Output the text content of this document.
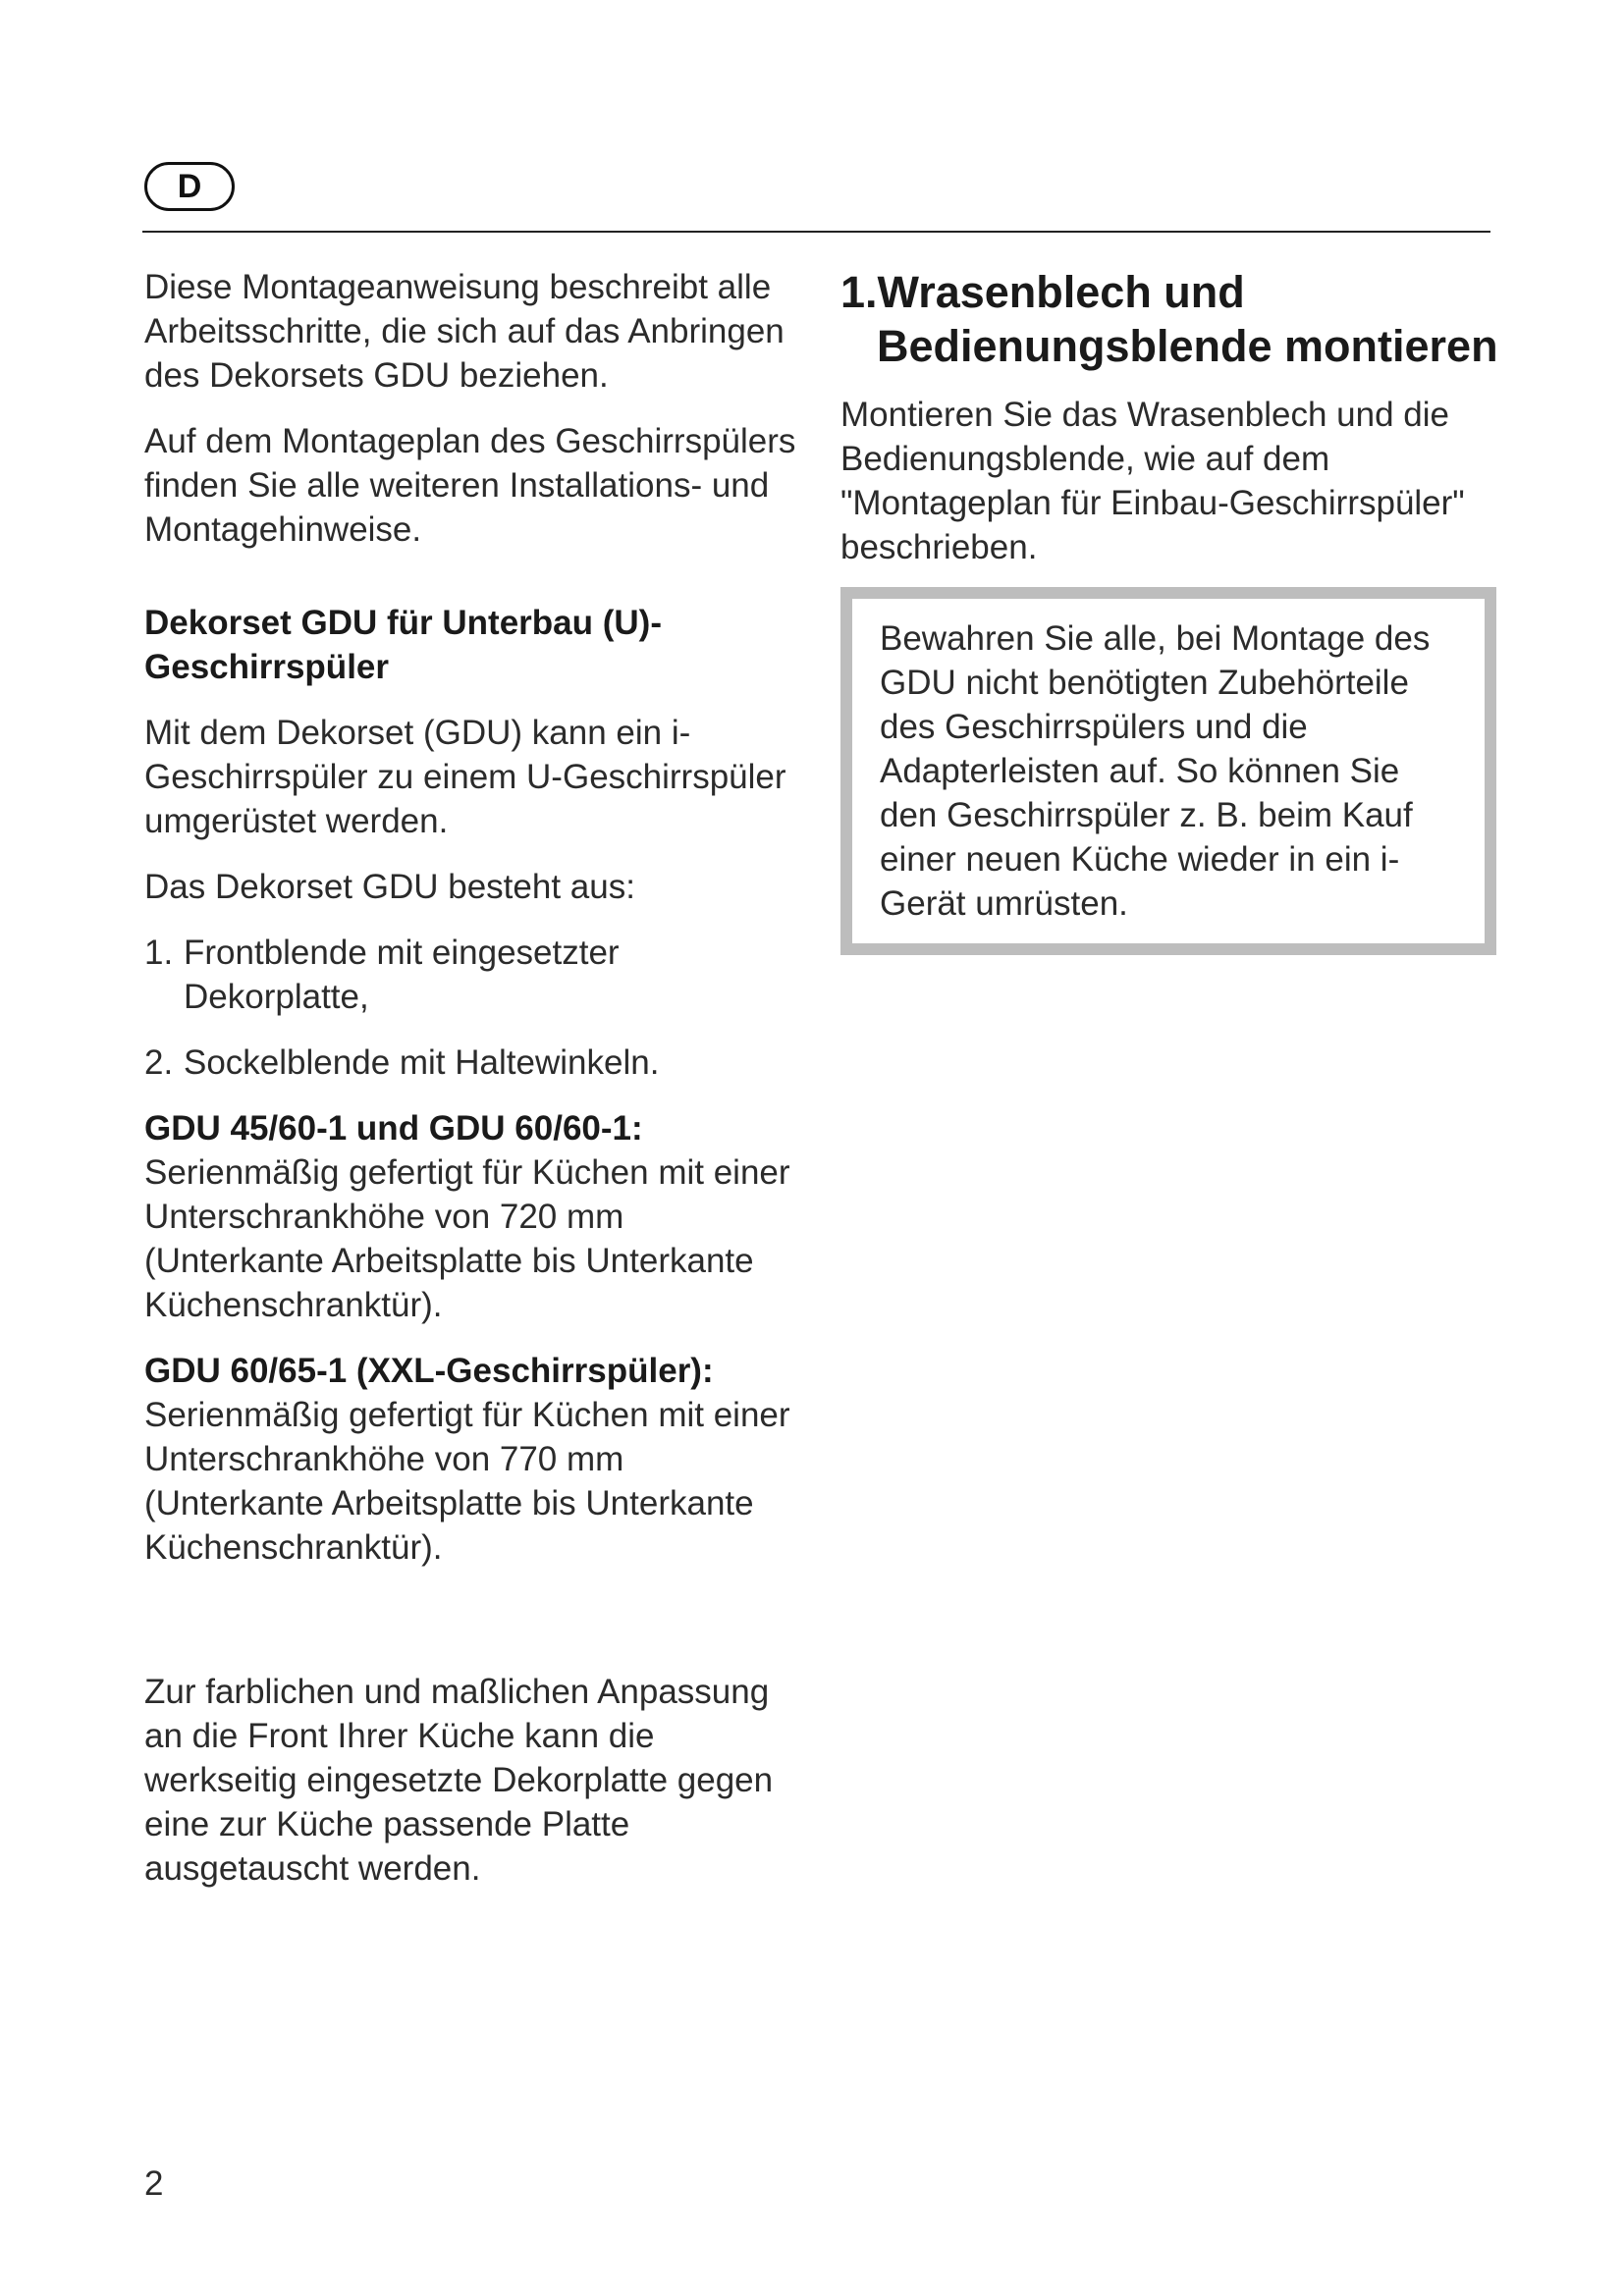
D

Diese Montageanweisung beschreibt alle Arbeitsschritte, die sich auf das Anbringen des Dekorsets GDU beziehen.

Auf dem Montageplan des Geschirrspülers finden Sie alle weiteren Installations- und Montagehinweise.

Dekorset GDU für Unterbau (U)-Geschirrspüler

Mit dem Dekorset (GDU) kann ein i-Geschirrspüler zu einem U-Geschirrspüler umgerüstet werden.

Das Dekorset GDU besteht aus:

1. Frontblende mit eingesetzter Dekorplatte,
2. Sockelblende mit Haltewinkeln.

GDU 45/60-1 und GDU 60/60-1:
Serienmäßig gefertigt für Küchen mit einer Unterschrankhöhe von 720 mm (Unterkante Arbeitsplatte bis Unterkante Küchenschranktür).

GDU 60/65-1 (XXL-Geschirrspüler):
Serienmäßig gefertigt für Küchen mit einer Unterschrankhöhe von 770 mm (Unterkante Arbeitsplatte bis Unterkante Küchenschranktür).

Zur farblichen und maßlichen Anpassung an die Front Ihrer Küche kann die werkseitig eingesetzte Dekorplatte gegen eine zur Küche passende Platte ausgetauscht werden.

1.Wrasenblech und Bedienungsblende montieren

Montieren Sie das Wrasenblech und die Bedienungsblende, wie auf dem "Montageplan für Einbau-Geschirrspüler" beschrieben.

Bewahren Sie alle, bei Montage des GDU nicht benötigten Zubehörteile des Geschirrspülers und die Adapterleisten auf. So können Sie den Geschirrspüler z. B. beim Kauf einer neuen Küche wieder in ein i-Gerät umrüsten.

2
